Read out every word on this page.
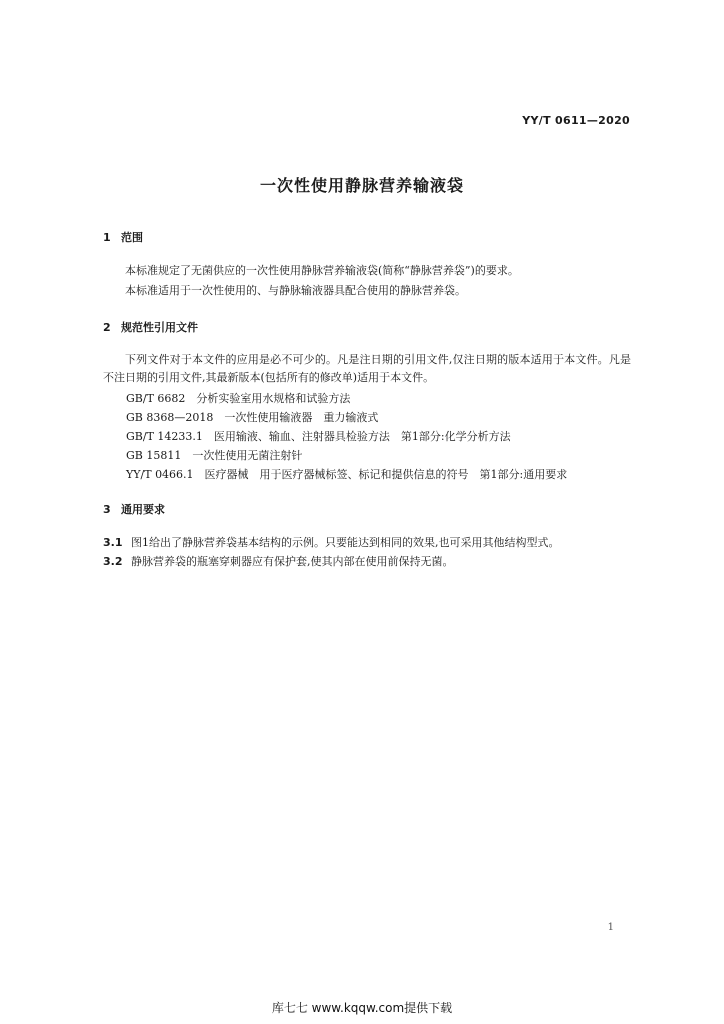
YY/T 0611—2020
一次性使用静脉营养输液袋
1 范围
本标准规定了无菌供应的一次性使用静脉营养输液袋(简称“静脉营养袋”)的要求。
本标准适用于一次性使用的、与静脉输液器具配合使用的静脉营养袋。
2 规范性引用文件
下列文件对于本文件的应用是必不可少的。凡是注日期的引用文件,仅注日期的版本适用于本文件。凡是不注日期的引用文件,其最新版本(包括所有的修改单)适用于本文件。
GB/T 6682　分析实验室用水规格和试验方法
GB 8368—2018　一次性使用输液器　重力输液式
GB/T 14233.1　医用输液、输血、注射器具检验方法　第1部分:化学分析方法
GB 15811　一次性使用无菌注射针
YY/T 0466.1　医疗器械　用于医疗器械标签、标记和提供信息的符号　第1部分:通用要求
3 通用要求
3.1 图1给出了静脉营养袋基本结构的示例。只要能达到相同的效果,也可采用其他结构型式。
3.2 静脉营养袋的瓶塞穿刺器应有保护套,使其内部在使用前保持无菌。
1
库七七 www.kqqw.com提供下载
